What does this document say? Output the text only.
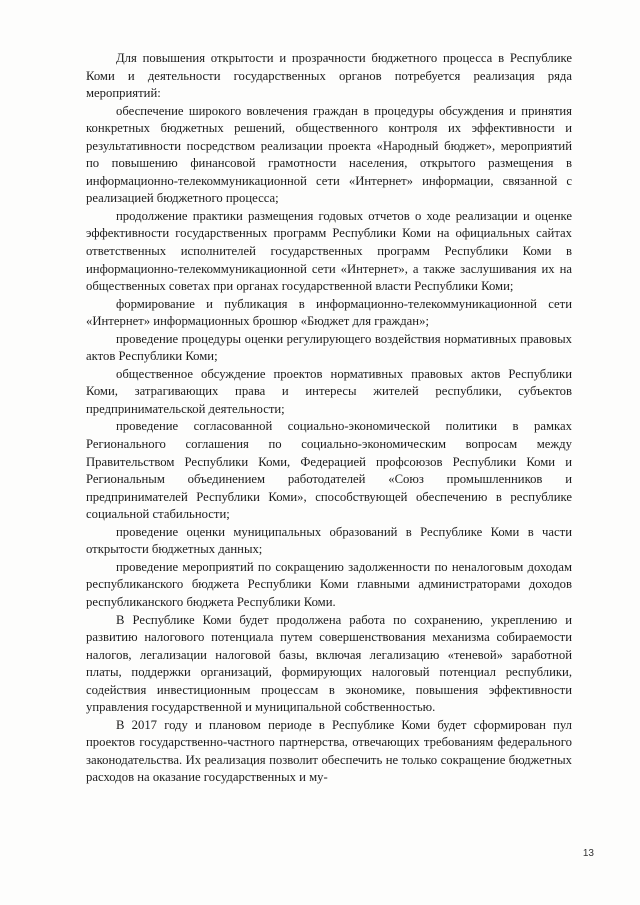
Для повышения открытости и прозрачности бюджетного процесса в Республике Коми и деятельности государственных органов потребуется реализация ряда мероприятий:

обеспечение широкого вовлечения граждан в процедуры обсуждения и принятия конкретных бюджетных решений, общественного контроля их эффективности и результативности посредством реализации проекта «Народный бюджет», мероприятий по повышению финансовой грамотности населения, открытого размещения в информационно-телекоммуникационной сети «Интернет» информации, связанной с реализацией бюджетного процесса;

продолжение практики размещения годовых отчетов о ходе реализации и оценке эффективности государственных программ Республики Коми на официальных сайтах ответственных исполнителей государственных программ Республики Коми в информационно-телекоммуникационной сети «Интернет», а также заслушивания их на общественных советах при органах государственной власти Республики Коми;

формирование и публикация в информационно-телекоммуникационной сети «Интернет» информационных брошюр «Бюджет для граждан»;

проведение процедуры оценки регулирующего воздействия нормативных правовых актов Республики Коми;

общественное обсуждение проектов нормативных правовых актов Республики Коми, затрагивающих права и интересы жителей республики, субъектов предпринимательской деятельности;

проведение согласованной социально-экономической политики в рамках Регионального соглашения по социально-экономическим вопросам между Правительством Республики Коми, Федерацией профсоюзов Республики Коми и Региональным объединением работодателей «Союз промышленников и предпринимателей Республики Коми», способствующей обеспечению в республике социальной стабильности;

проведение оценки муниципальных образований в Республике Коми в части открытости бюджетных данных;

проведение мероприятий по сокращению задолженности по неналоговым доходам республиканского бюджета Республики Коми главными администраторами доходов республиканского бюджета Республики Коми.

В Республике Коми будет продолжена работа по сохранению, укреплению и развитию налогового потенциала путем совершенствования механизма собираемости налогов, легализации налоговой базы, включая легализацию «теневой» заработной платы, поддержки организаций, формирующих налоговый потенциал республики, содействия инвестиционным процессам в экономике, повышения эффективности управления государственной и муниципальной собственностью.

В 2017 году и плановом периоде в Республике Коми будет сформирован пул проектов государственно-частного партнерства, отвечающих требованиям федерального законодательства. Их реализация позволит обеспечить не только сокращение бюджетных расходов на оказание государственных и му-

13
